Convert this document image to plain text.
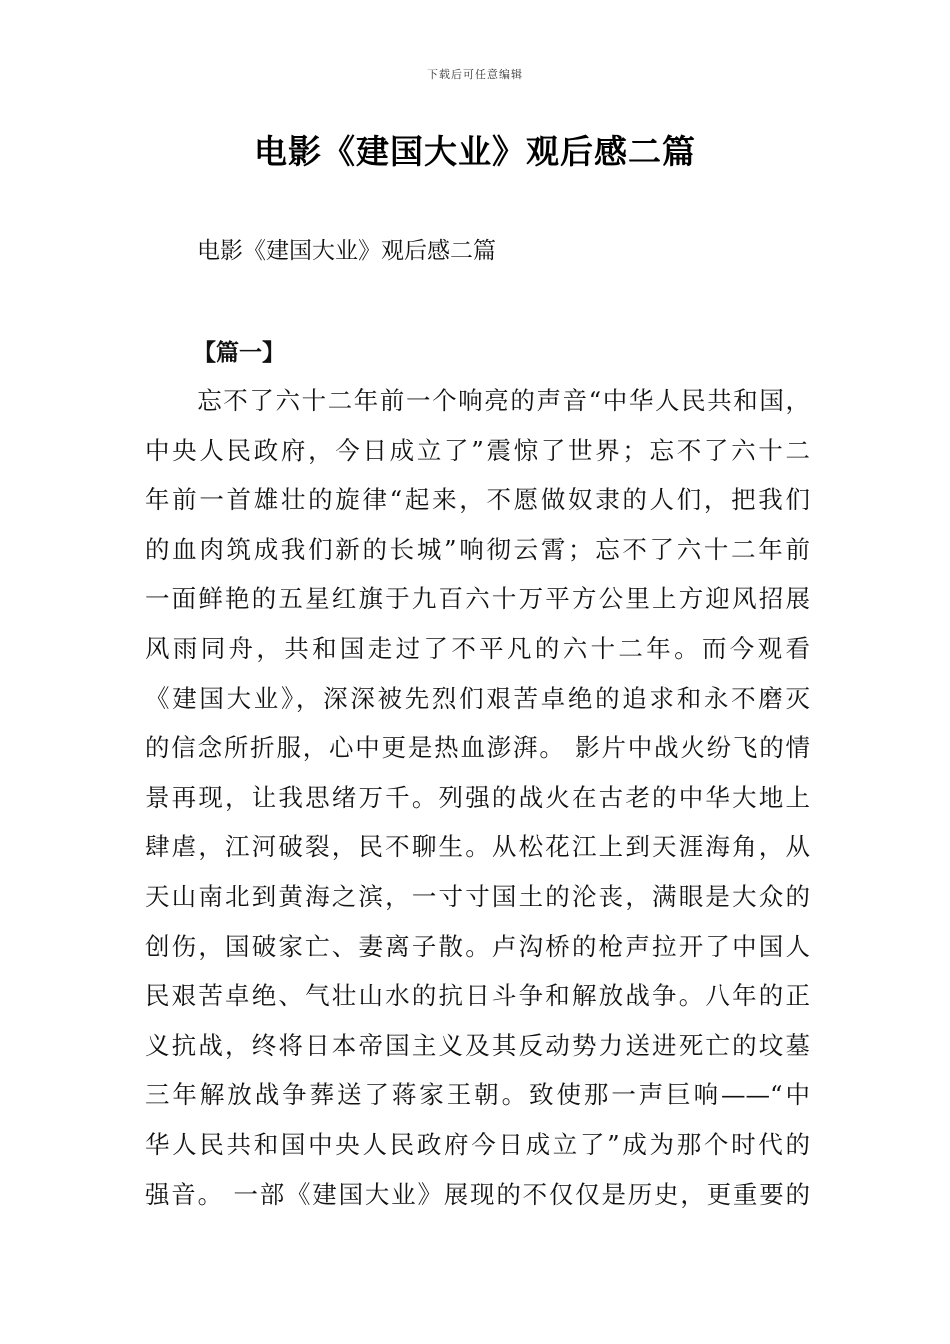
下载后可任意编辑
电影《建国大业》观后感二篇
电影《建国大业》观后感二篇
【篇一】
　　忘不了六十二年前一个响亮的声音“中华人民共和国，
中央人民政府，今日成立了”震惊了世界；忘不了六十二
年前一首雄壮的旋律“起来，不愿做奴隶的人们，把我们
的血肉筑成我们新的长城”响彻云霄；忘不了六十二年前
一面鲜艳的五星红旗于九百六十万平方公里上方迎风招展
风雨同舟，共和国走过了不平凡的六十二年。而今观看
《建国大业》，深深被先烈们艰苦卓绝的追求和永不磨灭
的信念所折服，心中更是热血澎湃。 影片中战火纷飞的情
景再现，让我思绪万千。列强的战火在古老的中华大地上
肆虐，江河破裂，民不聊生。从松花江上到天涯海角，从
天山南北到黄海之滨，一寸寸国土的沦丧，满眼是大众的
创伤，国破家亡、妻离子散。卢沟桥的枪声拉开了中国人
民艰苦卓绝、气壮山水的抗日斗争和解放战争。八年的正
义抗战，终将日本帝国主义及其反动势力送进死亡的坟墓
三年解放战争葬送了蒋家王朝。致使那一声巨响——“中
华人民共和国中央人民政府今日成立了”成为那个时代的
强音。 一部《建国大业》展现的不仅仅是历史，更重要的
